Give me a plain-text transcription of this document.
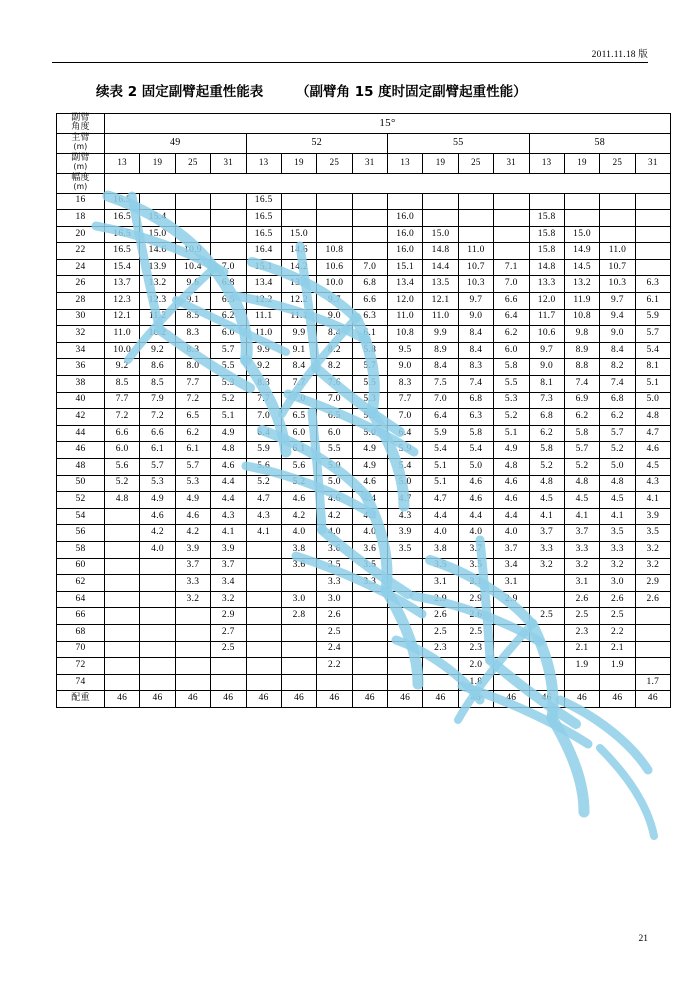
2011.11.18 版
续表 2 固定副臂起重性能表 （副臂角 15 度时固定副臂起重性能）
副臂
角度	15°															
主臂
(m)	49				52				55				58			
副臂
(m)	13	19	25	31	13	19	25	31	13	19	25	31	13	19	25	31
幅度
(m)																
16	16.5				16.5											
18	16.5	15.4			16.5				16.0				15.8			
20	16.5	15.0			16.5	15.0			16.0	15.0			15.8	15.0		
22	16.5	14.6	10.9		16.4	14.6	10.8		16.0	14.8	11.0		15.8	14.9	11.0	
24	15.4	13.9	10.4	7.0	15.1	14.2	10.6	7.0	15.1	14.4	10.7	7.1	14.8	14.5	10.7	
26	13.7	13.2	9.6	6.8	13.4	13.5	10.0	6.8	13.4	13.5	10.3	7.0	13.3	13.2	10.3	6.3
28	12.3	12.3	9.1	6.5	12.2	12.2	9.7	6.6	12.0	12.1	9.7	6.6	12.0	11.9	9.7	6.1
30	12.1	11.2	8.5	6.2	11.1	11.1	9.0	6.3	11.0	11.0	9.0	6.4	11.7	10.8	9.4	5.9
32	11.0	10.2	8.3	6.0	11.0	9.9	8.4	6.1	10.8	9.9	8.4	6.2	10.6	9.8	9.0	5.7
34	10.0	9.2	8.3	5.7	9.9	9.1	8.2	5.8	9.5	8.9	8.4	6.0	9.7	8.9	8.4	5.4
36	9.2	8.6	8.0	5.5	9.2	8.4	8.2	5.7	9.0	8.4	8.3	5.8	9.0	8.8	8.2	8.1
38	8.5	8.5	7.7	5.3	8.3	7.7	7.6	5.5	8.3	7.5	7.4	5.5	8.1	7.4	7.4	5.1
40	7.7	7.9	7.2	5.2	7.7	7.0	7.0	5.3	7.7	7.0	6.8	5.3	7.3	6.9	6.8	5.0
42	7.2	7.2	6.5	5.1	7.0	6.5	6.5	5.2	7.0	6.4	6.3	5.2	6.8	6.2	6.2	4.8
44	6.6	6.6	6.2	4.9	6.4	6.0	6.0	5.0	6.4	5.9	5.8	5.1	6.2	5.8	5.7	4.7
46	6.0	6.1	6.1	4.8	5.9	6.1	5.5	4.9	5.9	5.4	5.4	4.9	5.8	5.7	5.2	4.6
48	5.6	5.7	5.7	4.6	5.6	5.6	5.0	4.9	5.4	5.1	5.0	4.8	5.2	5.2	5.0	4.5
50	5.2	5.3	5.3	4.4	5.2	5.2	5.0	4.6	5.0	5.1	4.6	4.6	4.8	4.8	4.8	4.3
52	4.8	4.9	4.9	4.4	4.7	4.6	4.6	4.4	4.7	4.7	4.6	4.6	4.5	4.5	4.5	4.1
54		4.6	4.6	4.3	4.3	4.2	4.2	4.2	4.3	4.4	4.4	4.4	4.1	4.1	4.1	3.9
56		4.2	4.2	4.1	4.1	4.0	4.0	4.0	3.9	4.0	4.0	4.0	3.7	3.7	3.5	3.5
58		4.0	3.9	3.9		3.8	3.6	3.6	3.5	3.8	3.7	3.7	3.3	3.3	3.3	3.2
60			3.7	3.7		3.6	3.5	3.5		3.5	3.5	3.4	3.2	3.2	3.2	3.2
62			3.3	3.4			3.3	3.3		3.1	3.1	3.1		3.1	3.0	2.9
64			3.2	3.2		3.0	3.0			2.9	2.9	2.9		2.6	2.6	2.6
66				2.9		2.8	2.6			2.6	2.6		2.5	2.5	2.5	
68				2.7			2.5			2.5	2.5			2.3	2.2	
70				2.5			2.4			2.3	2.3			2.1	2.1	
72							2.2				2.0			1.9	1.9	
74											1.8					1.7
配重	46	46	46	46	46	46	46	46	46	46	46	46	46	46	46	46
21
